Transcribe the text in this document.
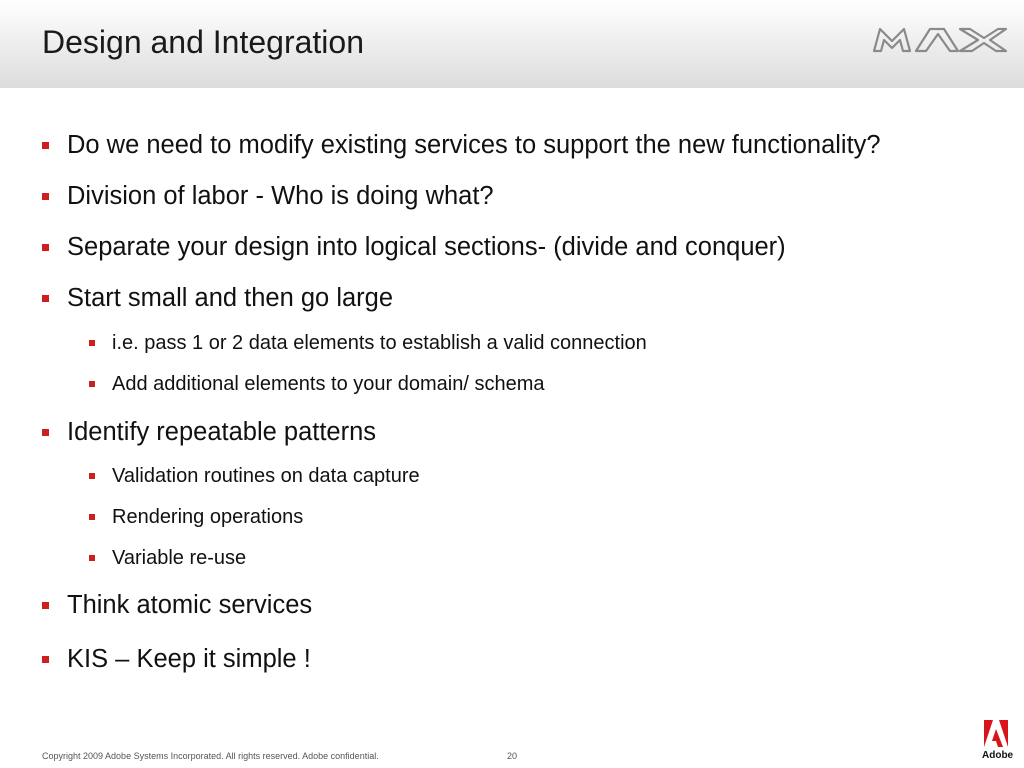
Design and Integration
Do we need to modify existing services to support the new functionality?
Division of labor - Who is doing what?
Separate your design into logical sections- (divide and conquer)
Start small and then go large
i.e. pass 1 or 2 data elements to establish a valid connection
Add additional elements to your domain/ schema
Identify repeatable patterns
Validation routines on data capture
Rendering operations
Variable re-use
Think atomic services
KIS – Keep it simple !
Copyright 2009 Adobe Systems Incorporated. All rights reserved. Adobe confidential.	20	Adobe
